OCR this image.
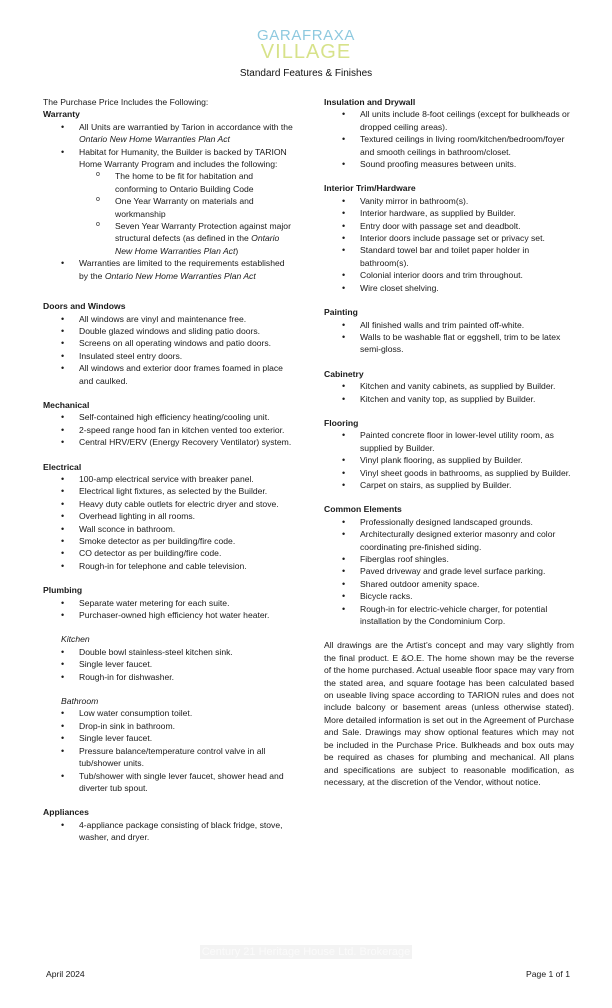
GARAFRAXA
VILLAGE
Standard Features & Finishes

The Purchase Price Includes the Following:

Warranty

• All Units are warrantied by Tarion in accordance with the Ontario New Home Warranties Plan Act
• Habitat for Humanity, the Builder is backed by TARION Home Warranty Program and includes the following:
o The home to be fit for habitation and conforming to Ontario Building Code
o One Year Warranty on materials and workmanship
o Seven Year Warranty Protection against major structural defects (as defined in the Ontario New Home Warranties Plan Act)
• Warranties are limited to the requirements established by the Ontario New Home Warranties Plan Act

Doors and Windows

• All windows are vinyl and maintenance free.
• Double glazed windows and sliding patio doors.
• Screens on all operating windows and patio doors.
• Insulated steel entry doors.
• All windows and exterior door frames foamed in place and caulked.

Mechanical

• Self-contained high efficiency heating/cooling unit.
• 2-speed range hood fan in kitchen vented too exterior.
• Central HRV/ERV (Energy Recovery Ventilator) system.

Electrical

• 100-amp electrical service with breaker panel.
• Electrical light fixtures, as selected by the Builder.
• Heavy duty cable outlets for electric dryer and stove.
• Overhead lighting in all rooms.
• Wall sconce in bathroom.
• Smoke detector as per building/fire code.
• CO detector as per building/fire code.
• Rough-in for telephone and cable television.

Plumbing

• Separate water metering for each suite.
• Purchaser-owned high efficiency hot water heater.
Kitchen
• Double bowl stainless-steel kitchen sink.
• Single lever faucet.
• Rough-in for dishwasher.
Bathroom
• Low water consumption toilet.
• Drop-in sink in bathroom.
• Single lever faucet.
• Pressure balance/temperature control valve in all tub/shower units.
• Tub/shower with single lever faucet, shower head and diverter tub spout.

Appliances

• 4-appliance package consisting of black fridge, stove, washer, and dryer.

Insulation and Drywall

• All units include 8-foot ceilings (except for bulkheads or dropped ceiling areas).
• Textured ceilings in living room/kitchen/bedroom/foyer and smooth ceilings in bathroom/closet.
• Sound proofing measures between units.

Interior Trim/Hardware

• Vanity mirror in bathroom(s).
• Interior hardware, as supplied by Builder.
• Entry door with passage set and deadbolt.
• Interior doors include passage set or privacy set.
• Standard towel bar and toilet paper holder in bathroom(s).
• Colonial interior doors and trim throughout.
• Wire closet shelving.

Painting

• All finished walls and trim painted off-white.
• Walls to be washable flat or eggshell, trim to be latex semi-gloss.

Cabinetry

• Kitchen and vanity cabinets, as supplied by Builder.
• Kitchen and vanity top, as supplied by Builder.

Flooring

• Painted concrete floor in lower-level utility room, as supplied by Builder.
• Vinyl plank flooring, as supplied by Builder.
• Vinyl sheet goods in bathrooms, as supplied by Builder.
• Carpet on stairs, as supplied by Builder.

Common Elements

• Professionally designed landscaped grounds.
• Architecturally designed exterior masonry and color coordinating pre-finished siding.
• Fiberglas roof shingles.
• Paved driveway and grade level surface parking.
• Shared outdoor amenity space.
• Bicycle racks.
• Rough-in for electric-vehicle charger, for potential installation by the Condominium Corp.

All drawings are the Artist’s concept and may vary slightly from the final product. E &O.E. The home shown may be the reverse of the home purchased. Actual useable floor space may vary from the stated area, and square footage has been calculated based on useable living space according to TARION rules and does not include balcony or basement areas (unless otherwise stated). More detailed information is set out in the Agreement of Purchase and Sale. Drawings may show optional features which may not be included in the Purchase Price. Bulkheads and box outs may be required as chases for plumbing and mechanical. All plans and specifications are subject to reasonable modification, as necessary, at the discretion of the Vendor, without notice.

Century 21 Heritage House Ltd. Brokerage
April 2024	Page 1 of 1
